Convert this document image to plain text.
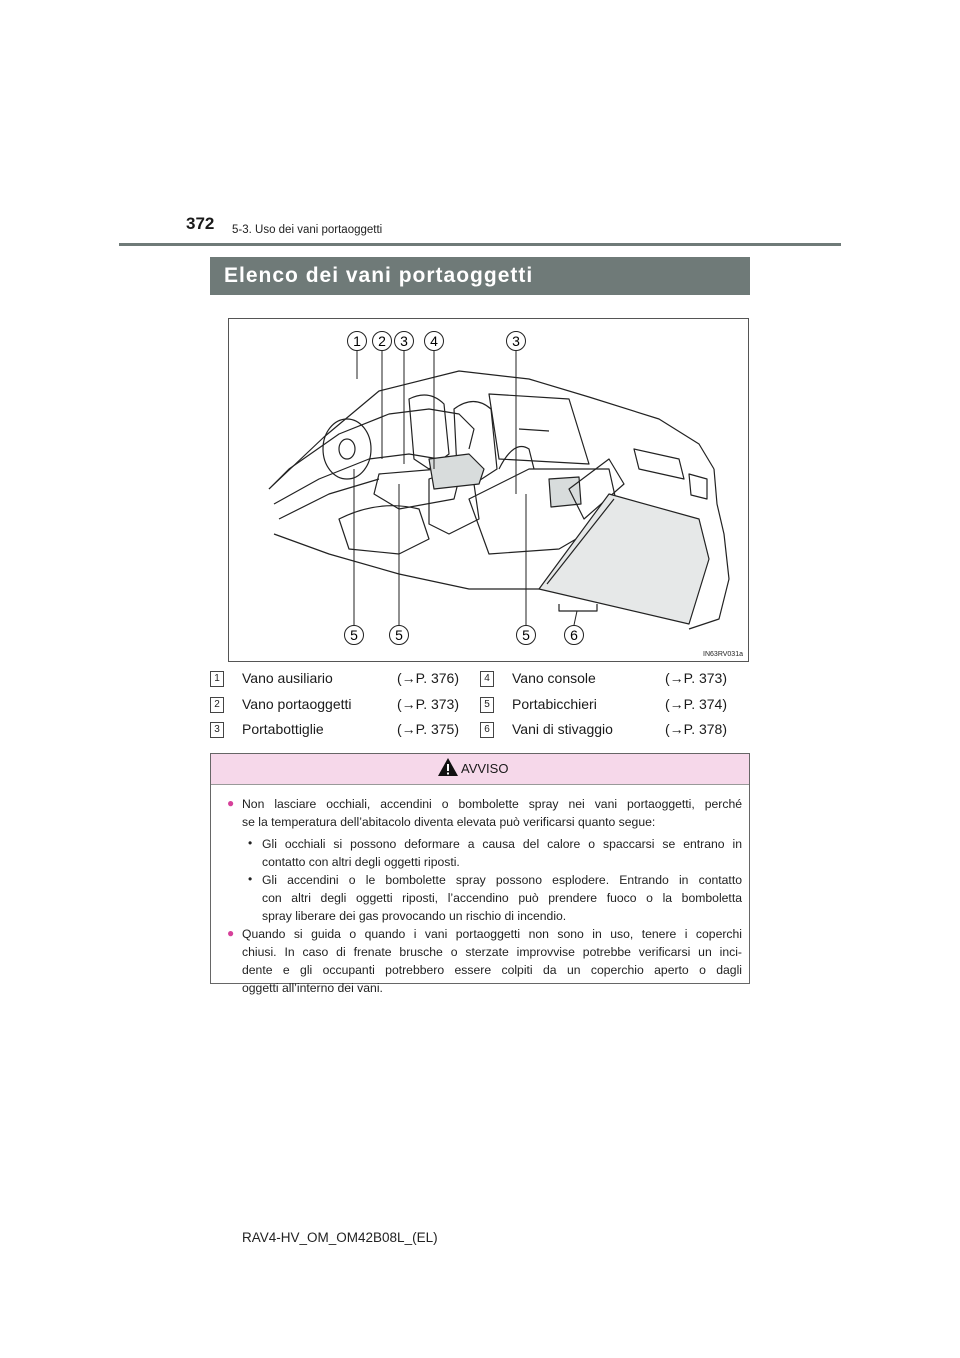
372 5-3. Uso dei vani portaoggetti
Elenco dei vani portaoggetti
1 2 3 4	3
5	5	5	6
IN63RV031a
1	Vano ausiliario	(→P. 376)
2	Vano portaoggetti	(→P. 373)
3	Portabottiglie	(→P. 375)
4	Vano console	(→P. 373)
5	Portabicchieri	(→P. 374)
6	Vani di stivaggio	(→P. 378)
AVVISO
● Non lasciare occhiali, accendini o bombolette spray nei vani portaoggetti, perché
se la temperatura dell’abitacolo diventa elevata può verificarsi quanto segue:
• Gli occhiali si possono deformare a causa del calore o spaccarsi se entrano in
contatto con altri degli oggetti riposti.
• Gli accendini o le bombolette spray possono esplodere. Entrando in contatto
con altri degli oggetti riposti, l’accendino può prendere fuoco o la bomboletta
spray liberare dei gas provocando un rischio di incendio.
● Quando si guida o quando i vani portaoggetti non sono in uso, tenere i coperchi
chiusi. In caso di frenate brusche o sterzate improvvise potrebbe verificarsi un inci-
dente e gli occupanti potrebbero essere colpiti da un coperchio aperto o dagli
oggetti all’interno dei vani.
RAV4-HV_OM_OM42B08L_(EL)
